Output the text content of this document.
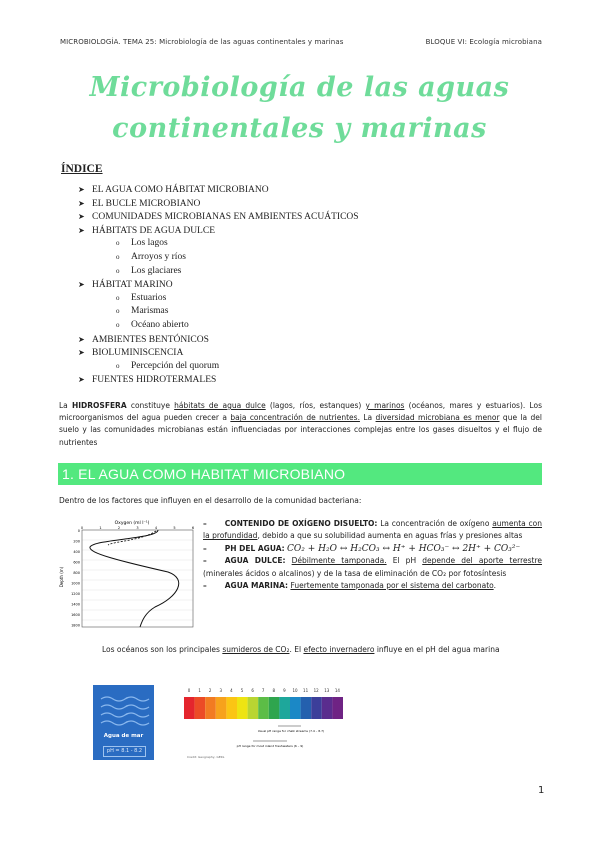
MICROBIOLOGÍA. TEMA 25: Microbiología de las aguas continentales y marinas	BLOQUE VI: Ecología microbiana
Microbiología de las aguas
continentales y marinas
ÍNDICE
➤ EL AGUA COMO HÁBITAT MICROBIANO
➤ EL BUCLE MICROBIANO
➤ COMUNIDADES MICROBIANAS EN AMBIENTES ACUÁTICOS
➤ HÁBITATS DE AGUA DULCE
o Los lagos
o Arroyos y ríos
o Los glaciares
➤ HÁBITAT MARINO
o Estuarios
o Marismas
o Océano abierto
➤ AMBIENTES BENTÓNICOS
➤ BIOLUMINISCENCIA
o Percepción del quorum
➤ FUENTES HIDROTERMALES
La HIDROSFERA constituye hábitats de agua dulce (lagos, ríos, estanques) y marinos (océanos, mares y estuarios). Los microorganismos del agua pueden crecer a baja concentración de nutrientes. La diversidad microbiana es menor que la del suelo y las comunidades microbianas están influenciadas por interacciones complejas entre los gases disueltos y el flujo de nutrientes
1. EL AGUA COMO HABITAT MICROBIANO
Dentro de los factores que influyen en el desarrollo de la comunidad bacteriana:
Oxygen (ml l⁻¹)
0	1	2	3	4	5	6
0
200
400
600
800
1000
1200
1400
1600
1800
Depth (m)

– CONTENIDO DE OXÍGENO DISUELTO: La concentración de oxígeno aumenta con la profundidad, debido a que su solubilidad aumenta en aguas frías y presiones altas

– PH DEL AGUA: CO₂ + H₂O ↔ H₂CO₃ ↔ H⁺ + HCO₃⁻ ↔ 2H⁺ + CO₃²⁻

– AGUA DULCE: Débilmente tamponada. El pH depende del aporte terrestre (minerales ácidos o alcalinos) y de la tasa de eliminación de CO₂ por fotosíntesis

– AGUA MARINA: Fuertemente tamponada por el sistema del carbonato.

Los océanos son los principales sumideros de CO₂. El efecto invernadero influye en el pH del agua marina
Agua de mar
pH = 8.1 - 8.2
0 1 2 3 4 5 6 7 8 9 10 11 12 13 14
Usual pH range for chalk streams (7.4 – 8.7)
pH range for most inland freshwaters (6 – 9)
Credit: Geography, GERL
1
